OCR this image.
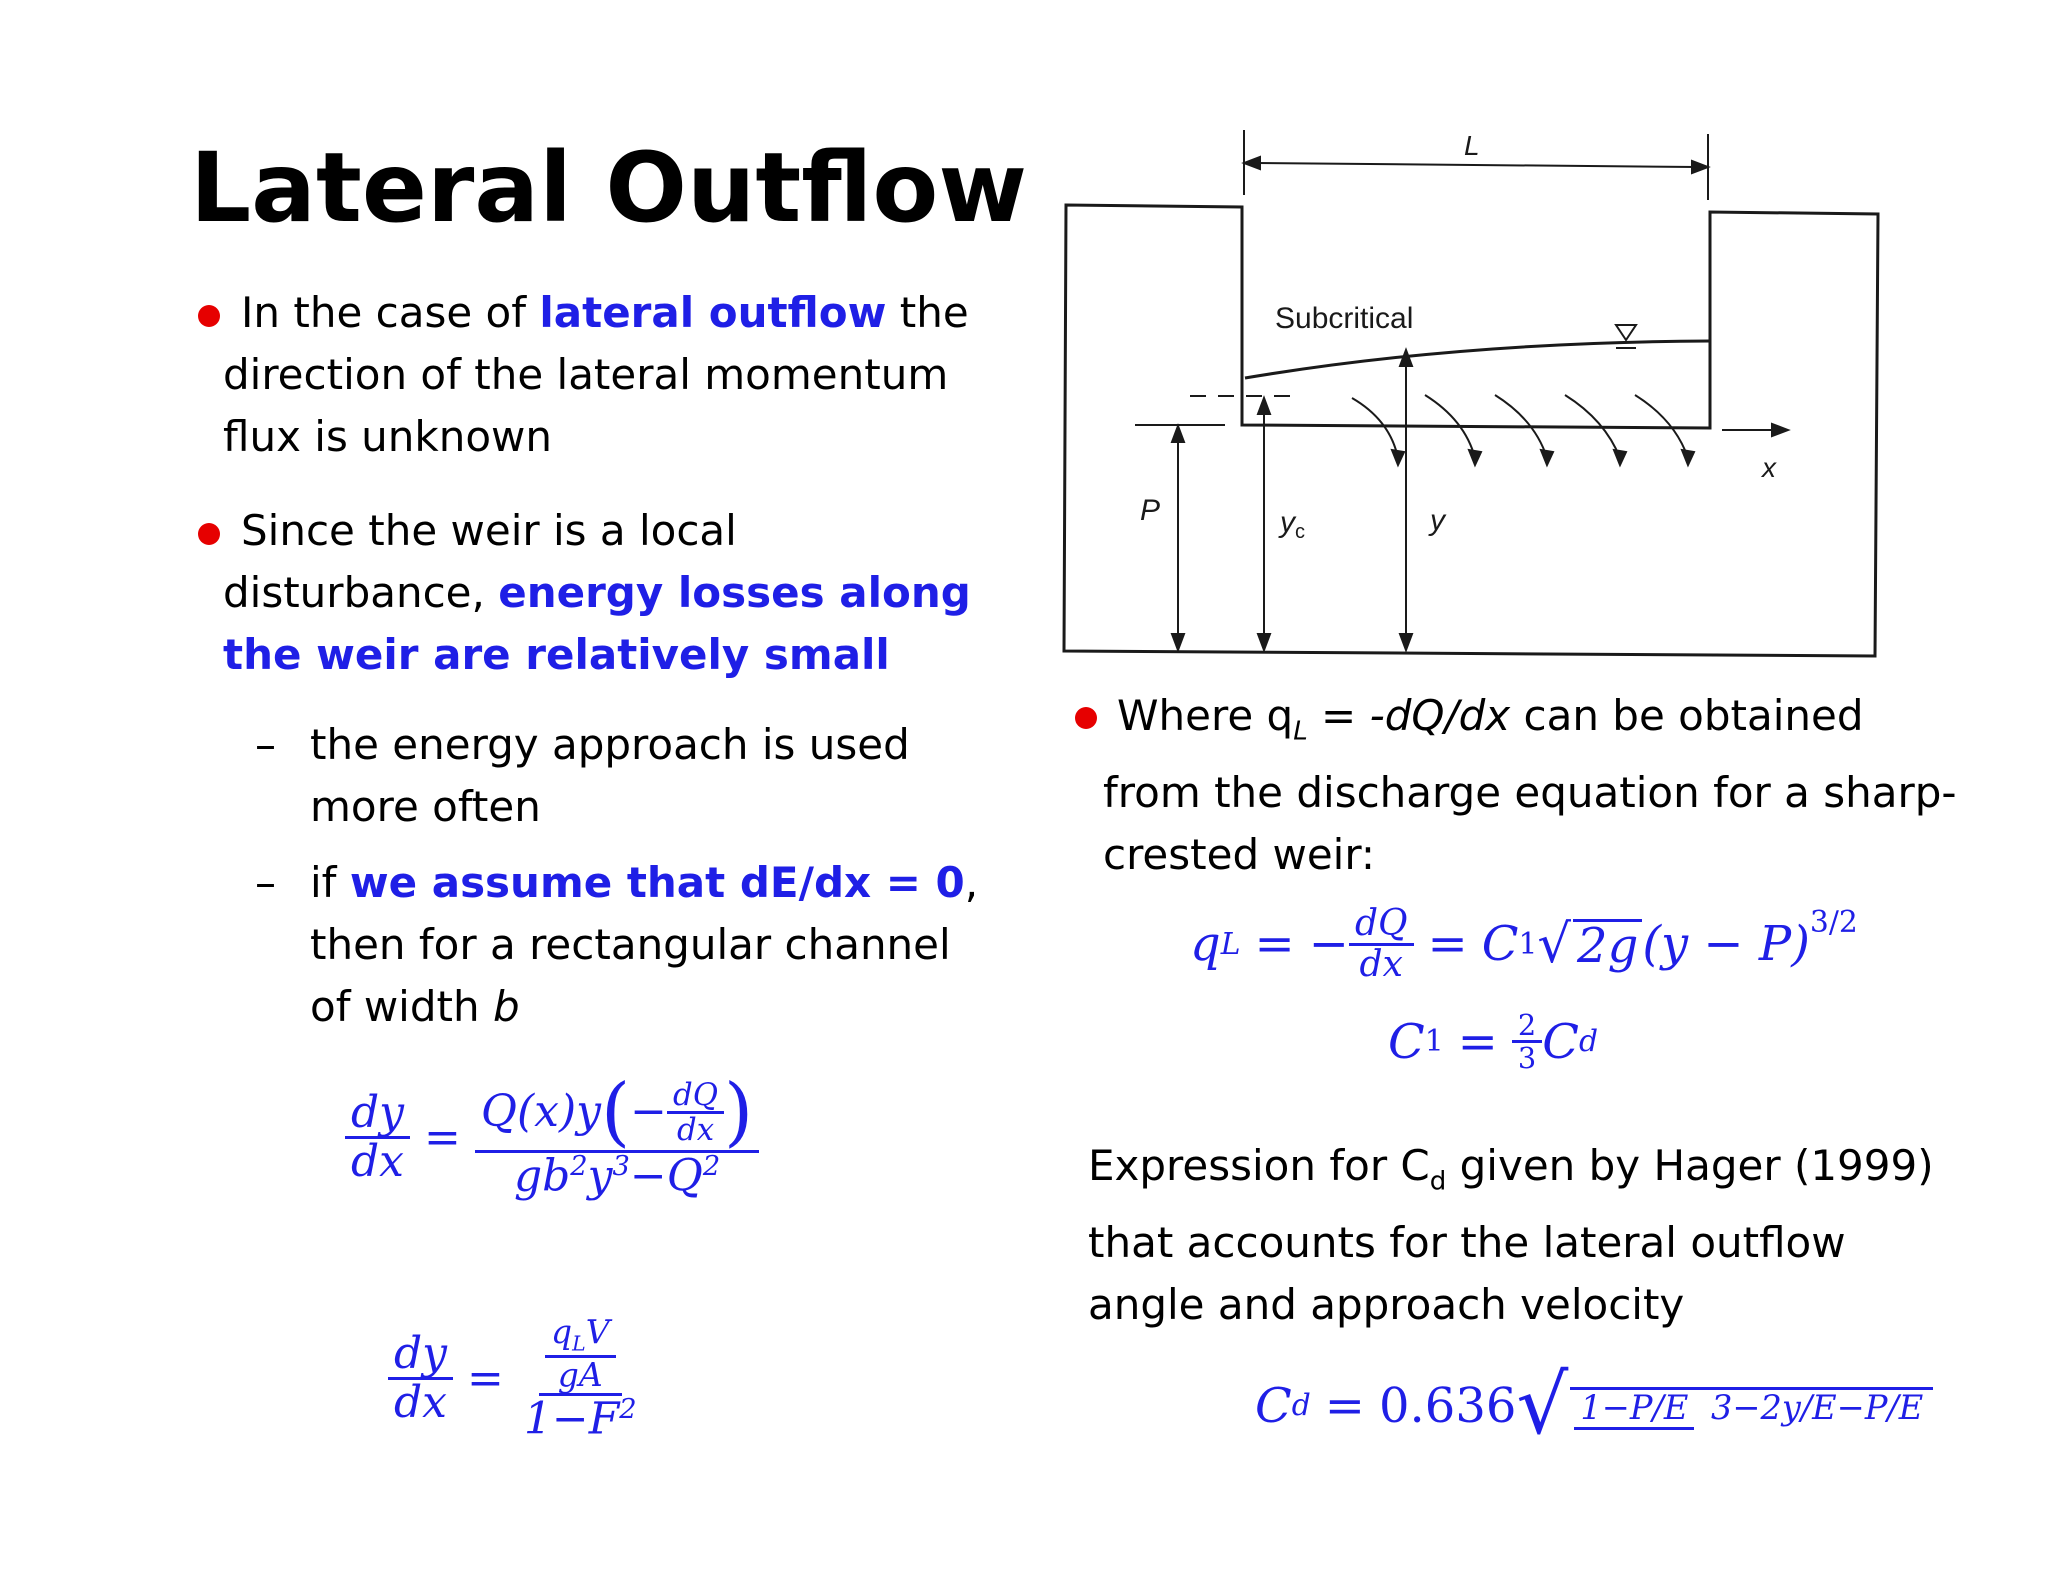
Lateral Outflow

In the case of lateral outflow the

direction of the lateral momentum

flux is unknown

Since the weir is a local

disturbance, energy losses along

the weir are relatively small

– the energy approach is used

more often

– if we assume that dE/dx = 0,

then for a rectangular channel

of width b

$\frac{dy}{dx}$ =
Q(x)y ( − $\frac{dQ}{dx}$ )
$gb^2y^3-Q^2$
$\frac{dy}{dx} = \frac{\frac{q_LV}{gA}}{1-F^2}$
L
Subcritical
x
P	$y_c$	y

Where $q_L = -dQ/dx$ can be obtained

from the discharge equation for a sharp-

crested weir:

q L = − $\frac{dQ}{dx} = C$ 1 √ 2g $(y - P)^{3/2}$
C $1 = \frac{2}{3}$ C d

Expression for $C_d$ given by Hager (1999)

that accounts for the lateral outflow

angle and approach velocity

C d = 0.636 √ 1−P/E 3−2y/E−P/E
